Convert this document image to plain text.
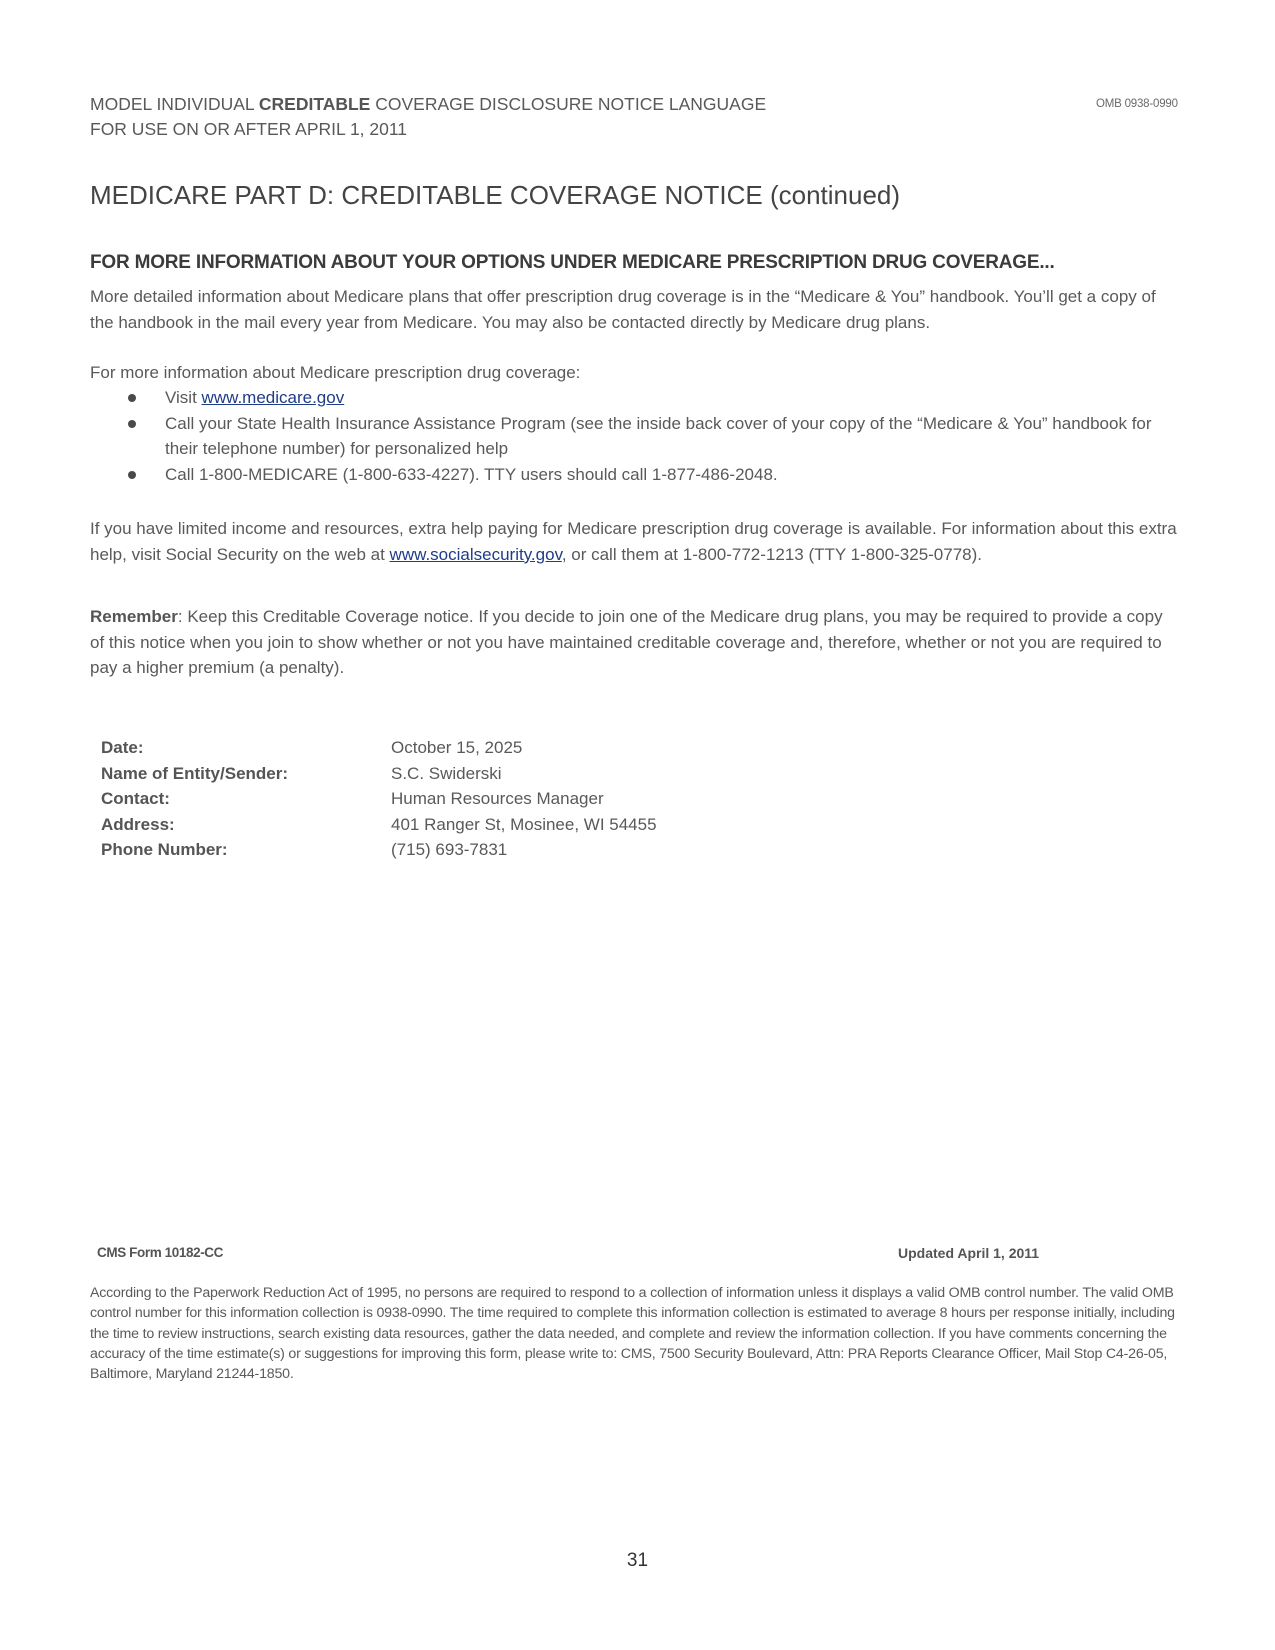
MODEL INDIVIDUAL CREDITABLE COVERAGE DISCLOSURE NOTICE LANGUAGE
FOR USE ON OR AFTER APRIL 1, 2011
OMB 0938-0990
MEDICARE PART D: CREDITABLE COVERAGE NOTICE (continued)
FOR MORE INFORMATION ABOUT YOUR OPTIONS UNDER MEDICARE PRESCRIPTION DRUG COVERAGE...
More detailed information about Medicare plans that offer prescription drug coverage is in the “Medicare & You” handbook. You’ll get a copy of the handbook in the mail every year from Medicare. You may also be contacted directly by Medicare drug plans.
For more information about Medicare prescription drug coverage:
Visit www.medicare.gov
Call your State Health Insurance Assistance Program (see the inside back cover of your copy of the “Medicare & You” handbook for their telephone number) for personalized help
Call 1-800-MEDICARE (1-800-633-4227). TTY users should call 1-877-486-2048.
If you have limited income and resources, extra help paying for Medicare prescription drug coverage is available. For information about this extra help, visit Social Security on the web at www.socialsecurity.gov, or call them at 1-800-772-1213 (TTY 1-800-325-0778).
Remember: Keep this Creditable Coverage notice. If you decide to join one of the Medicare drug plans, you may be required to provide a copy of this notice when you join to show whether or not you have maintained creditable coverage and, therefore, whether or not you are required to pay a higher premium (a penalty).
Date:	October 15, 2025
Name of Entity/Sender:	S.C. Swiderski
Contact:	Human Resources Manager
Address:	401 Ranger St, Mosinee, WI 54455
Phone Number:	(715) 693-7831
CMS Form 10182-CC	Updated April 1, 2011
According to the Paperwork Reduction Act of 1995, no persons are required to respond to a collection of information unless it displays a valid OMB control number. The valid OMB control number for this information collection is 0938-0990. The time required to complete this information collection is estimated to average 8 hours per response initially, including the time to review instructions, search existing data resources, gather the data needed, and complete and review the information collection. If you have comments concerning the accuracy of the time estimate(s) or suggestions for improving this form, please write to: CMS, 7500 Security Boulevard, Attn: PRA Reports Clearance Officer, Mail Stop C4-26-05, Baltimore, Maryland 21244-1850.
31
